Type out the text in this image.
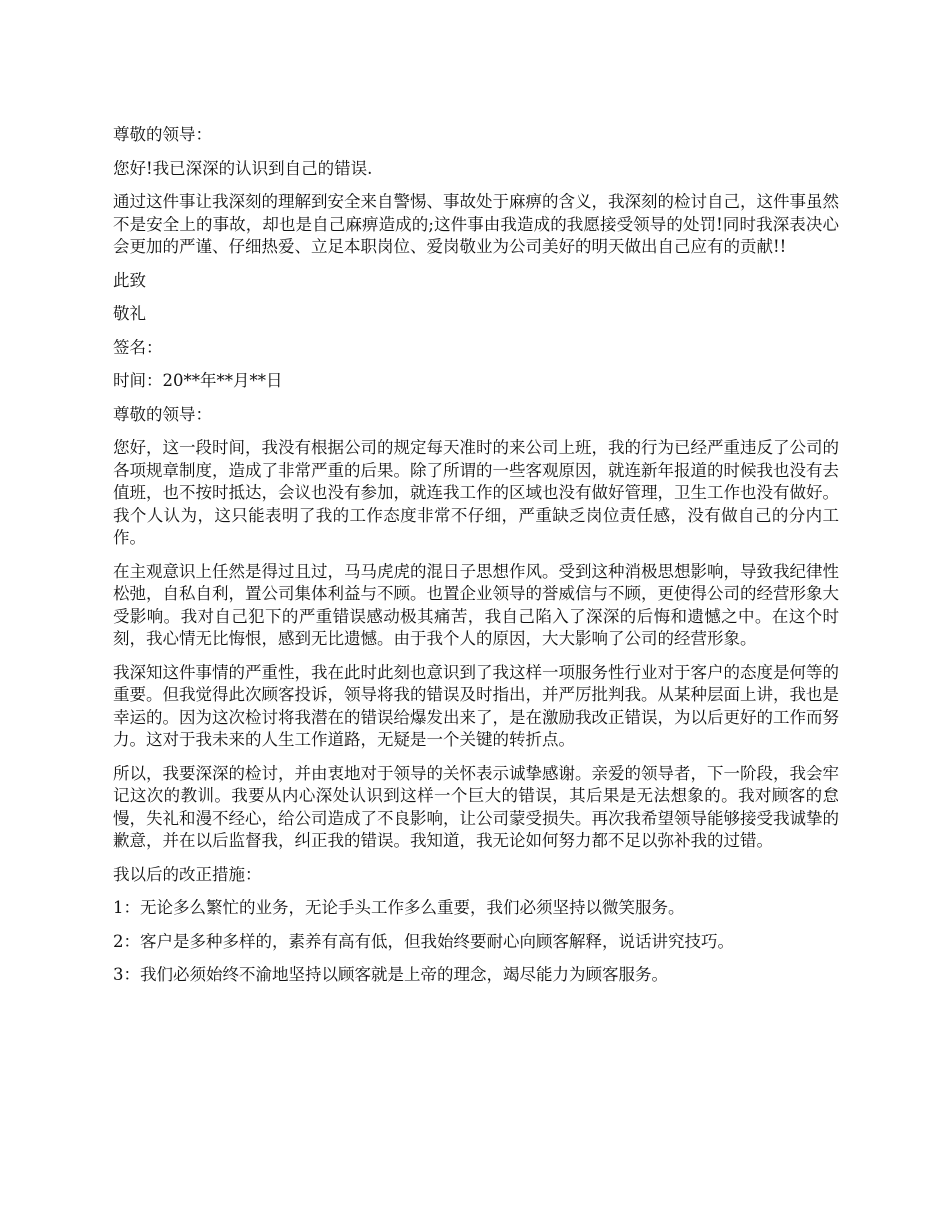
尊敬的领导：

您好!我已深深的认识到自己的错误.

通过这件事让我深刻的理解到安全来自警惕、事故处于麻痹的含义，我深刻的检讨自己，这件事虽然不是安全上的事故，却也是自己麻痹造成的;这件事由我造成的我愿接受领导的处罚!同时我深表决心会更加的严谨、仔细热爱、立足本职岗位、爱岗敬业为公司美好的明天做出自己应有的贡献!!

此致

敬礼

签名：

时间：20**年**月**日

尊敬的领导：

您好，这一段时间，我没有根据公司的规定每天准时的来公司上班，我的行为已经严重违反了公司的各项规章制度，造成了非常严重的后果。除了所谓的一些客观原因，就连新年报道的时候我也没有去值班，也不按时抵达，会议也没有参加，就连我工作的区域也没有做好管理，卫生工作也没有做好。我个人认为，这只能表明了我的工作态度非常不仔细，严重缺乏岗位责任感，没有做自己的分内工作。

在主观意识上任然是得过且过，马马虎虎的混日子思想作风。受到这种消极思想影响，导致我纪律性松弛，自私自利，置公司集体利益与不顾。也置企业领导的誉威信与不顾，更使得公司的经营形象大受影响。我对自己犯下的严重错误感动极其痛苦，我自己陷入了深深的后悔和遗憾之中。在这个时刻，我心情无比悔恨，感到无比遗憾。由于我个人的原因，大大影响了公司的经营形象。

我深知这件事情的严重性，我在此时此刻也意识到了我这样一项服务性行业对于客户的态度是何等的重要。但我觉得此次顾客投诉，领导将我的错误及时指出，并严厉批判我。从某种层面上讲，我也是幸运的。因为这次检讨将我潜在的错误给爆发出来了，是在激励我改正错误，为以后更好的工作而努力。这对于我未来的人生工作道路，无疑是一个关键的转折点。

所以，我要深深的检讨，并由衷地对于领导的关怀表示诚挚感谢。亲爱的领导者，下一阶段，我会牢记这次的教训。我要从内心深处认识到这样一个巨大的错误，其后果是无法想象的。我对顾客的怠慢，失礼和漫不经心，给公司造成了不良影响，让公司蒙受损失。再次我希望领导能够接受我诚挚的歉意，并在以后监督我，纠正我的错误。我知道，我无论如何努力都不足以弥补我的过错。

我以后的改正措施：

1：无论多么繁忙的业务，无论手头工作多么重要，我们必须坚持以微笑服务。

2：客户是多种多样的，素养有高有低，但我始终要耐心向顾客解释，说话讲究技巧。

3：我们必须始终不渝地坚持以顾客就是上帝的理念，竭尽能力为顾客服务。
